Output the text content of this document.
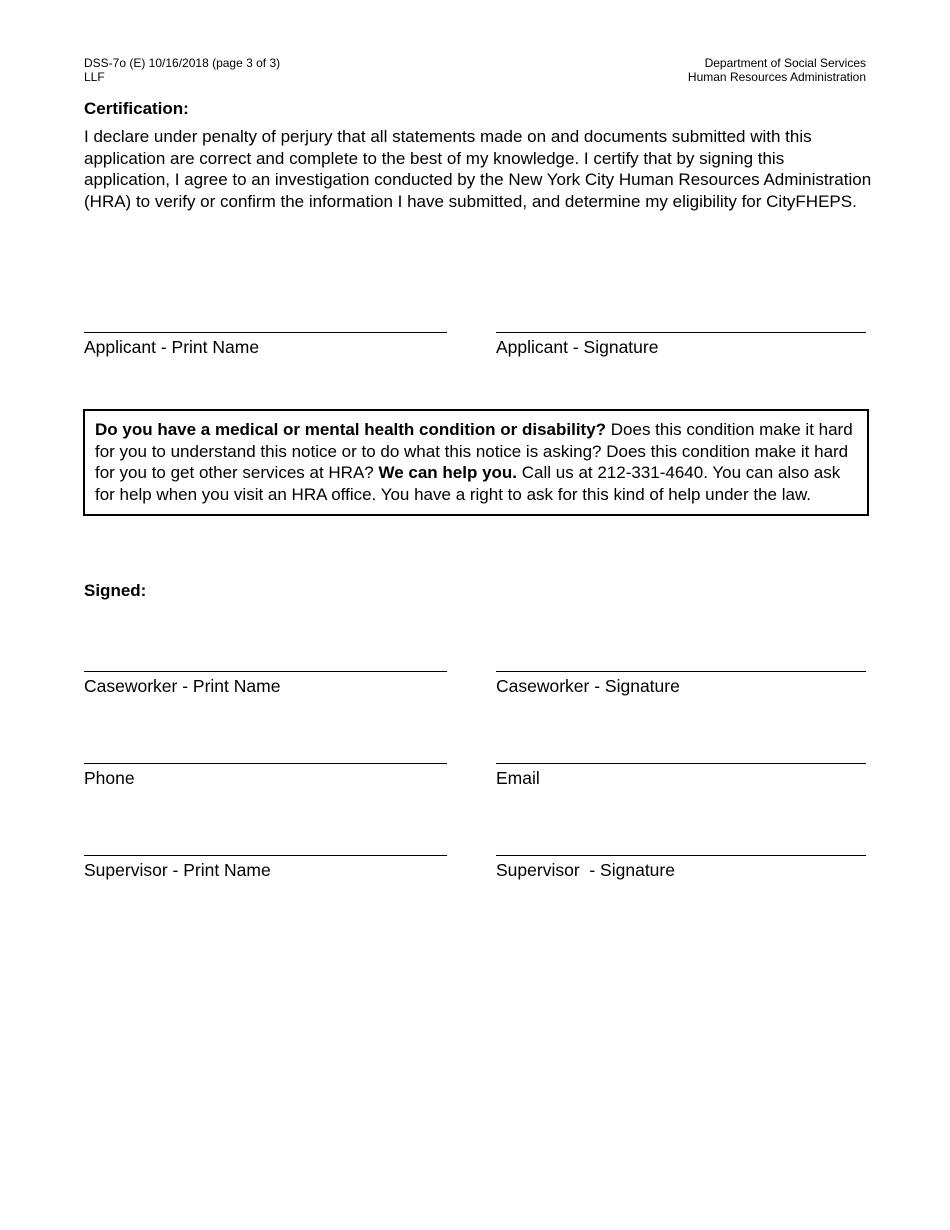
DSS-7o (E) 10/16/2018 (page 3 of 3)
LLF
Department of Social Services
Human Resources Administration
Certification:
I declare under penalty of perjury that all statements made on and documents submitted with this application are correct and complete to the best of my knowledge. I certify that by signing this application, I agree to an investigation conducted by the New York City Human Resources Administration (HRA) to verify or confirm the information I have submitted, and determine my eligibility for CityFHEPS.
Applicant - Print Name	Applicant - Signature
Do you have a medical or mental health condition or disability? Does this condition make it hard for you to understand this notice or to do what this notice is asking? Does this condition make it hard for you to get other services at HRA? We can help you. Call us at 212-331-4640. You can also ask for help when you visit an HRA office. You have a right to ask for this kind of help under the law.
Signed:
Caseworker - Print Name	Caseworker - Signature
Phone	Email
Supervisor - Print Name	Supervisor  - Signature
